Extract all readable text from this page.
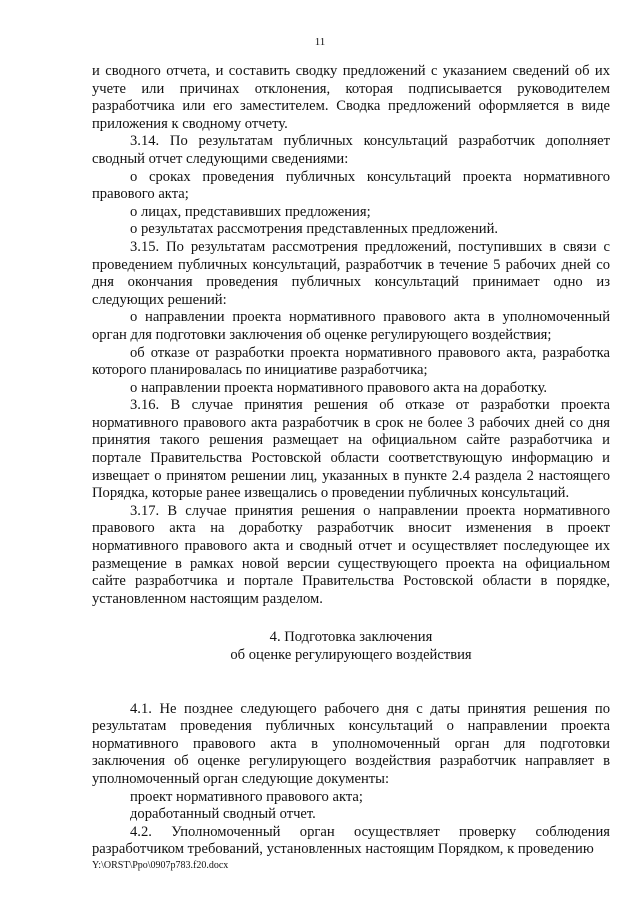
11

и сводного отчета, и составить сводку предложений с указанием сведений об их учете или причинах отклонения, которая подписывается руководителем разработчика или его заместителем. Сводка предложений оформляется в виде приложения к сводному отчету.

3.14. По результатам публичных консультаций разработчик дополняет сводный отчет следующими сведениями:

о сроках проведения публичных консультаций проекта нормативного правового акта;

о лицах, представивших предложения;

о результатах рассмотрения представленных предложений.

3.15. По результатам рассмотрения предложений, поступивших в связи с проведением публичных консультаций, разработчик в течение 5 рабочих дней со дня окончания проведения публичных консультаций принимает одно из следующих решений:

о направлении проекта нормативного правового акта в уполномоченный орган для подготовки заключения об оценке регулирующего воздействия;

об отказе от разработки проекта нормативного правового акта, разработка которого планировалась по инициативе разработчика;

о направлении проекта нормативного правового акта на доработку.

3.16. В случае принятия решения об отказе от разработки проекта нормативного правового акта разработчик в срок не более 3 рабочих дней со дня принятия такого решения размещает на официальном сайте разработчика и портале Правительства Ростовской области соответствующую информацию и извещает о принятом решении лиц, указанных в пункте 2.4 раздела 2 настоящего Порядка, которые ранее извещались о проведении публичных консультаций.

3.17. В случае принятия решения о направлении проекта нормативного правового акта на доработку разработчик вносит изменения в проект нормативного правового акта и сводный отчет и осуществляет последующее их размещение в рамках новой версии существующего проекта на официальном сайте разработчика и портале Правительства Ростовской области в порядке, установленном настоящим разделом.

4. Подготовка заключения

об оценке регулирующего воздействия

4.1. Не позднее следующего рабочего дня с даты принятия решения по результатам проведения публичных консультаций о направлении проекта нормативного правового акта в уполномоченный орган для подготовки заключения об оценке регулирующего воздействия разработчик направляет в уполномоченный орган следующие документы:

проект нормативного правового акта;

доработанный сводный отчет.

4.2. Уполномоченный орган осуществляет проверку соблюдения разработчиком требований, установленных настоящим Порядком, к проведению

Y:\ORST\Ppo\0907p783.f20.docx
